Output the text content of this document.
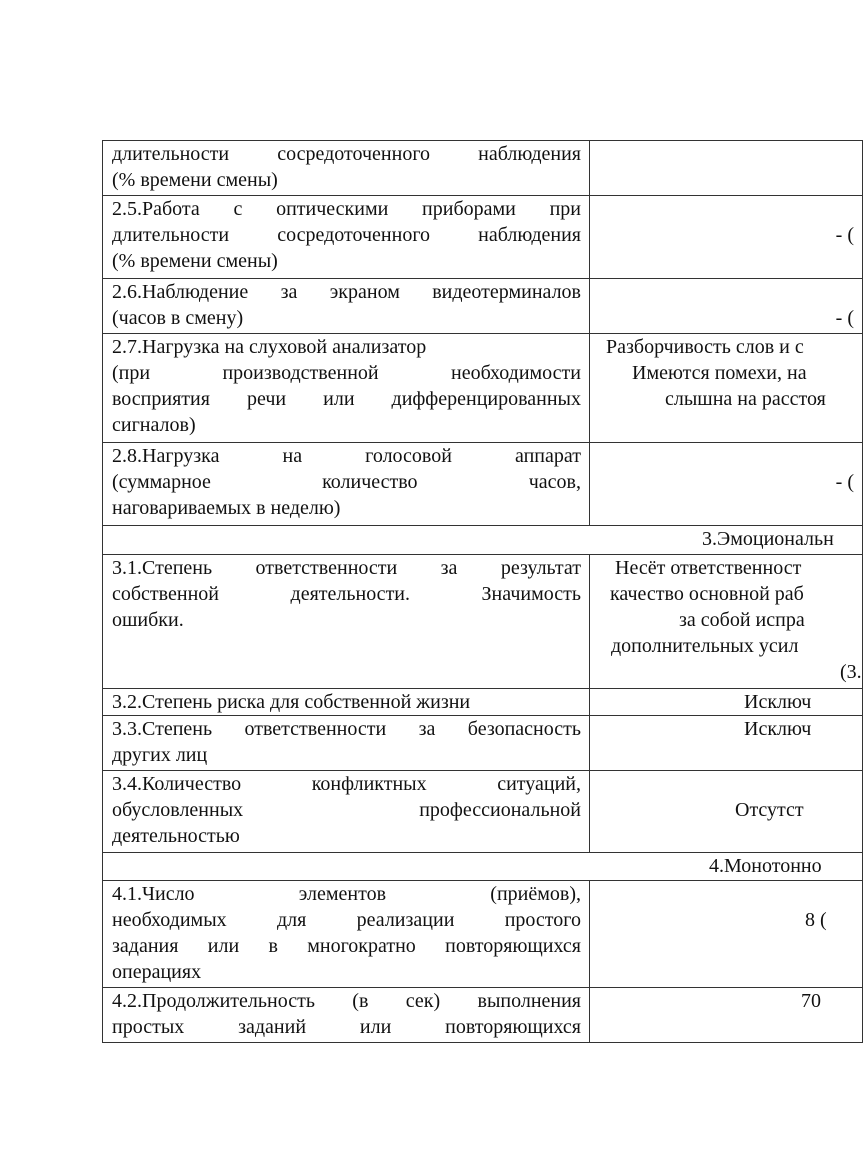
длительности сосредоточенного наблюдения
(% времени смены)	

2.5.Работа с оптическими приборами при
длительности сосредоточенного наблюдения
(% времени смены)	- (

2.6.Наблюдение за экраном видеотерминалов
(часов в смену)	- (

2.7.Нагрузка на слуховой анализатор
(при производственной необходимости
восприятия речи или дифференцированных
сигналов)	Разборчивость слов и с
Имеются помехи, на
слышна на расстоя

2.8.Нагрузка на голосовой аппарат
(суммарное количество часов,
наговариваемых в неделю)	- (

3.Эмоциональн	

3.1.Степень ответственности за результат
собственной деятельности. Значимость
ошибки.	Несёт ответственност
качество основной раб
за собой испра
дополнительных усил
(3.

3.2.Степень риска для собственной жизни	Исключ

3.3.Степень ответственности за безопасность
других лиц	Исключ

3.4.Количество конфликтных ситуаций,
обусловленных профессиональной
деятельностью	Отсутст

4.Монотонно	

4.1.Число элементов (приёмов),
необходимых для реализации простого
задания или в многократно повторяющихся
операциях	8 (

4.2.Продолжительность (в сек) выполнения
простых заданий или повторяющихся	70
